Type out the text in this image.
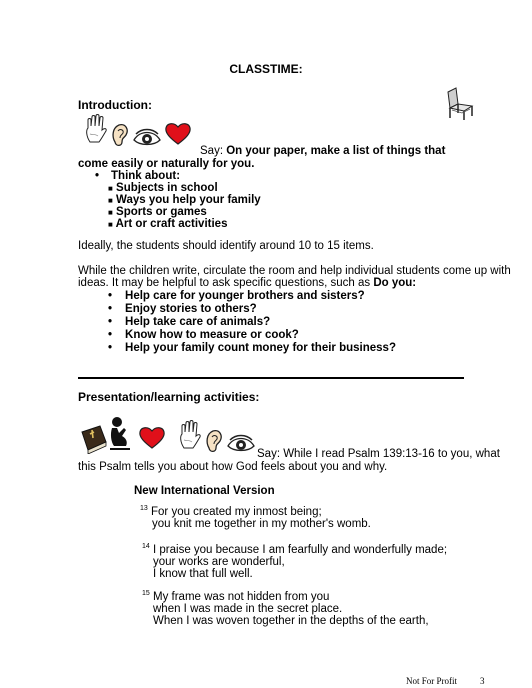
CLASSTIME:
Introduction:
Say: On your paper, make a list of things that
come easily or naturally for you.
• Think about:
■ Subjects in school
■ Ways you help your family
■ Sports or games
■ Art or craft activities
Ideally, the students should identify around 10 to 15 items.
While the children write, circulate the room and help individual students come up with
ideas. It may be helpful to ask specific questions, such as Do you:
• Help care for younger brothers and sisters?
• Enjoy stories to others?
• Help take care of animals?
• Know how to measure or cook?
• Help your family count money for their business?
Presentation/learning activities:
Say: While I read Psalm 139:13-16 to you, what
this Psalm tells you about how God feels about you and why.
New International Version
$^{13}$ For you created my inmost being;
you knit me together in my mother's womb.
$^{14}$ I praise you because I am fearfully and wonderfully made;
your works are wonderful,
I know that full well.
$^{15}$ My frame was not hidden from you
when I was made in the secret place.
When I was woven together in the depths of the earth,
Not For Profit	3
